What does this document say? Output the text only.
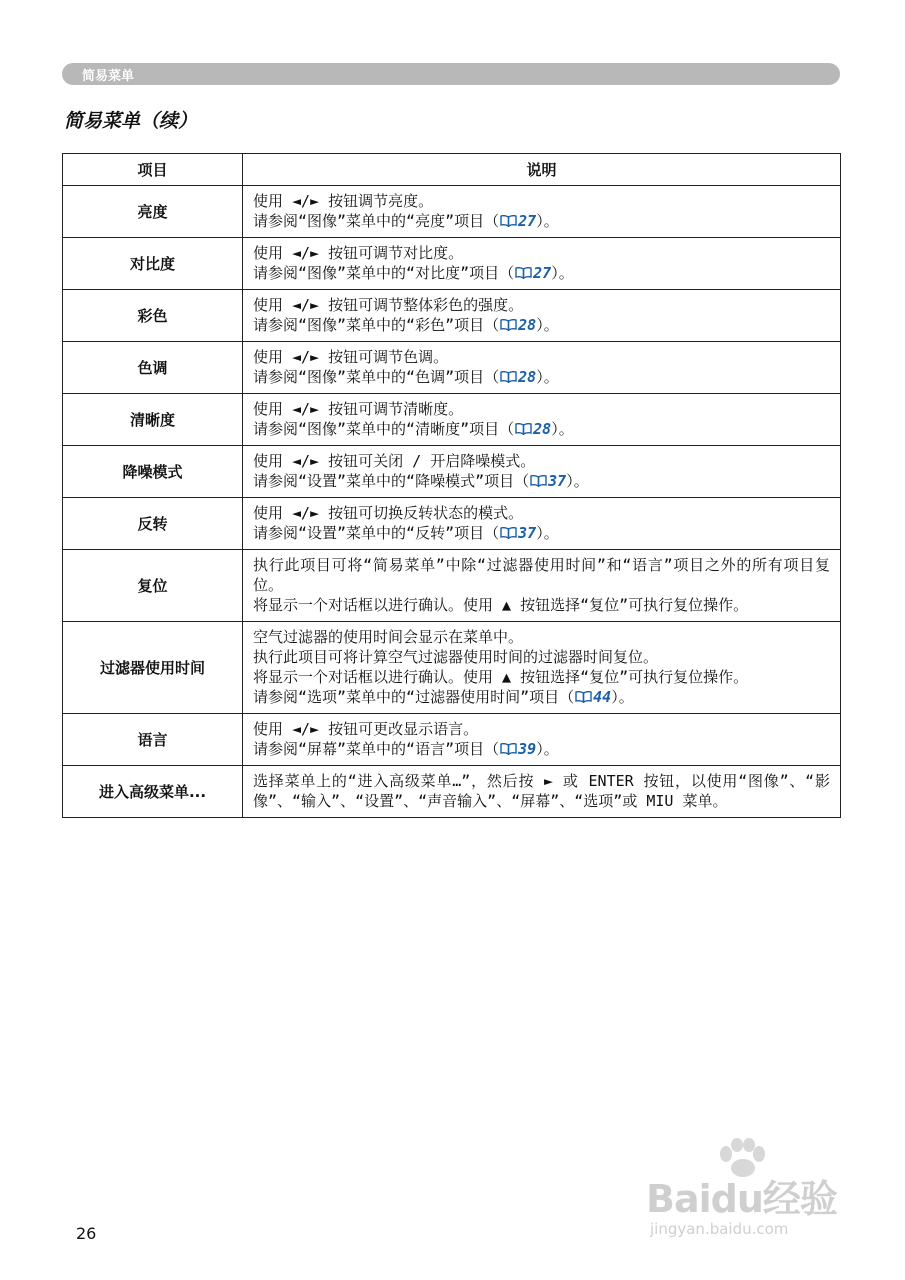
简易菜单
简易菜单（续）
项目	说明
亮度	使用 ◄/► 按钮调节亮度。
请参阅“图像”菜单中的“亮度”项目（ 27）。

对比度	使用 ◄/► 按钮可调节对比度。
请参阅“图像”菜单中的“对比度”项目（ 27）。

彩色	使用 ◄/► 按钮可调节整体彩色的强度。
请参阅“图像”菜单中的“彩色”项目（ 28）。

色调	使用 ◄/► 按钮可调节色调。
请参阅“图像”菜单中的“色调”项目（ 28）。

清晰度	使用 ◄/► 按钮可调节清晰度。
请参阅“图像”菜单中的“清晰度”项目（ 28）。

降噪模式	使用 ◄/► 按钮可关闭 / 开启降噪模式。
请参阅“设置”菜单中的“降噪模式”项目（ 37）。

反转	使用 ◄/► 按钮可切换反转状态的模式。
请参阅“设置”菜单中的“反转”项目（ 37）。

复位	执行此项目可将“简易菜单”中除“过滤器使用时间”和“语言”项目之外的所有项目复位。
将显示一个对话框以进行确认。使用 ▲ 按钮选择“复位”可执行复位操作。

过滤器使用时间	空气过滤器的使用时间会显示在菜单中。
执行此项目可将计算空气过滤器使用时间的过滤器时间复位。
将显示一个对话框以进行确认。使用 ▲ 按钮选择“复位”可执行复位操作。
请参阅“选项”菜单中的“过滤器使用时间”项目（ 44）。

语言	使用 ◄/► 按钮可更改显示语言。
请参阅“屏幕”菜单中的“语言”项目（ 39）。

进入高级菜单...	选择菜单上的“进入高级菜单…”，然后按 ► 或 ENTER 按钮，以使用“图像”、“影像”、“输入”、“设置”、“声音输入”、“屏幕”、“选项”或 MIU 菜单。
Baidu经验
jingyan.baidu.com
26
